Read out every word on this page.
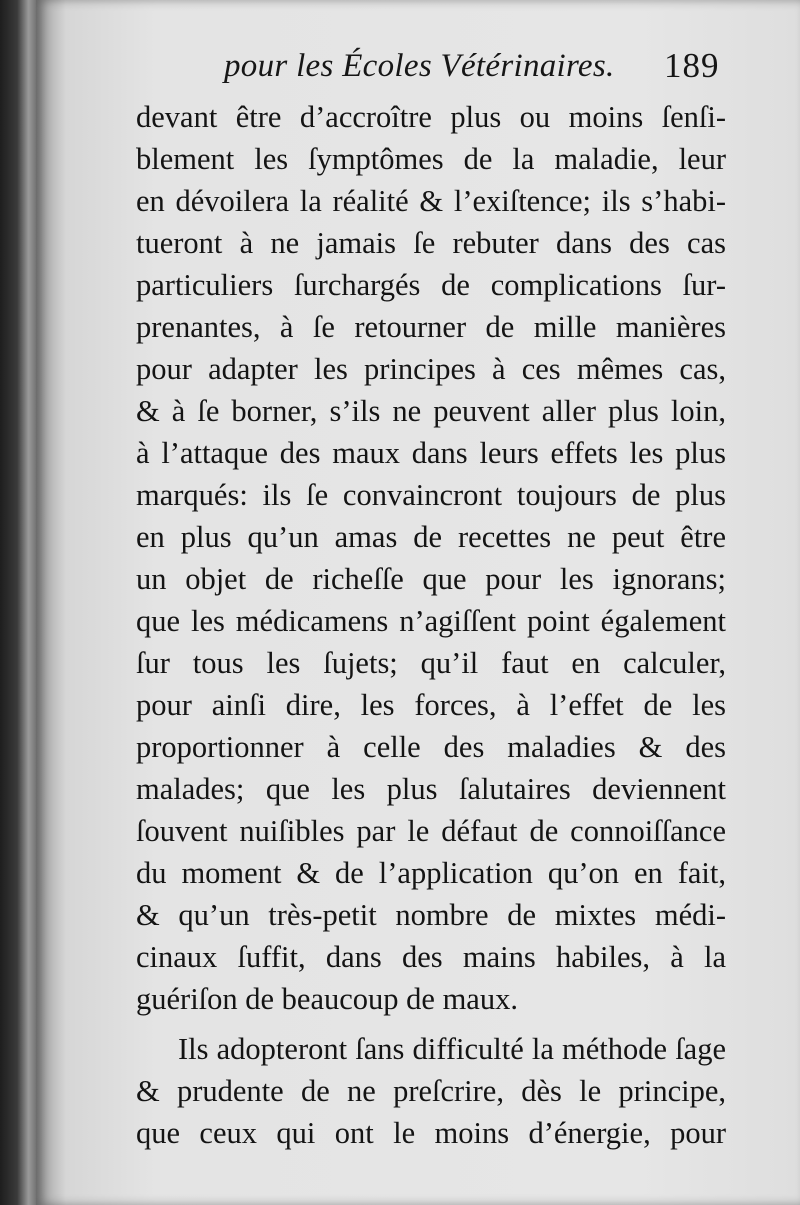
pour les Écoles Vétérinaires. 189
devant être d’accroître plus ou moins ſenſi-
blement les ſymptômes de la maladie, leur
en dévoilera la réalité & l’exiſtence; ils s’habi-
tueront à ne jamais ſe rebuter dans des cas
particuliers ſurchargés de complications ſur-
prenantes, à ſe retourner de mille manières
pour adapter les principes à ces mêmes cas,
& à ſe borner, s’ils ne peuvent aller plus loin,
à l’attaque des maux dans leurs effets les plus
marqués: ils ſe convaincront toujours de plus
en plus qu’un amas de recettes ne peut être
un objet de richeſſe que pour les ignorans;
que les médicamens n’agiſſent point également
ſur tous les ſujets; qu’il faut en calculer,
pour ainſi dire, les forces, à l’effet de les
proportionner à celle des maladies & des
malades; que les plus ſalutaires deviennent
ſouvent nuiſibles par le défaut de connoiſſance
du moment & de l’application qu’on en fait,
& qu’un très-petit nombre de mixtes médi-
cinaux ſuffit, dans des mains habiles, à la
guériſon de beaucoup de maux.
Ils adopteront ſans difficulté la méthode ſage
& prudente de ne preſcrire, dès le principe,
que ceux qui ont le moins d’énergie, pour
